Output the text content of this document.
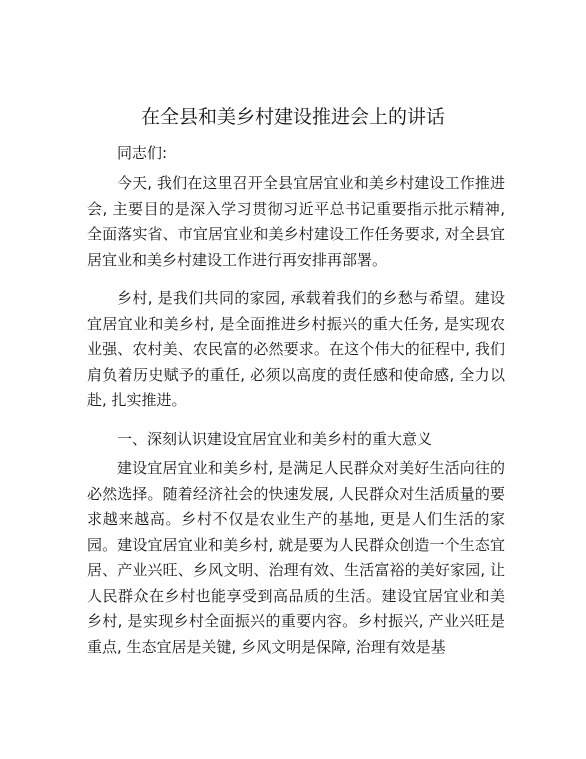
在全县和美乡村建设推进会上的讲话

同志们:

今天, 我们在这里召开全县宜居宜业和美乡村建设工作推进会, 主要目的是深入学习贯彻习近平总书记重要指示批示精神, 全面落实省、市宜居宜业和美乡村建设工作任务要求, 对全县宜居宜业和美乡村建设工作进行再安排再部署。

乡村, 是我们共同的家园, 承载着我们的乡愁与希望。建设宜居宜业和美乡村, 是全面推进乡村振兴的重大任务, 是实现农业强、农村美、农民富的必然要求。在这个伟大的征程中, 我们肩负着历史赋予的重任, 必须以高度的责任感和使命感, 全力以赴, 扎实推进。

一、深刻认识建设宜居宜业和美乡村的重大意义

建设宜居宜业和美乡村, 是满足人民群众对美好生活向往的必然选择。随着经济社会的快速发展, 人民群众对生活质量的要求越来越高。乡村不仅是农业生产的基地, 更是人们生活的家园。建设宜居宜业和美乡村, 就是要为人民群众创造一个生态宜居、产业兴旺、乡风文明、治理有效、生活富裕的美好家园, 让人民群众在乡村也能享受到高品质的生活。建设宜居宜业和美乡村, 是实现乡村全面振兴的重要内容。乡村振兴, 产业兴旺是重点, 生态宜居是关键, 乡风文明是保障, 治理有效是基
